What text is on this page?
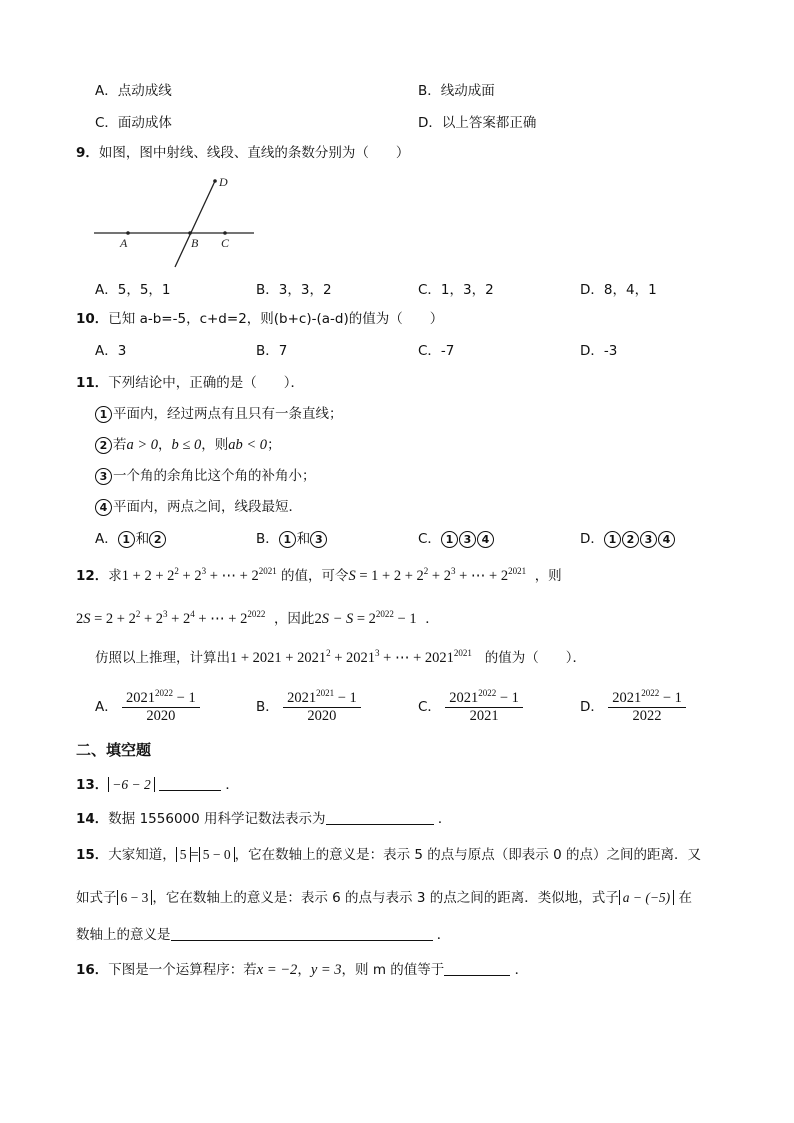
A．点动成线	B．线动成面
C．面动成体	D．以上答案都正确
9．如图，图中射线、线段、直线的条数分别为（　　）
A	B C
D
A．5，5，1	B．3，3，2	C．1，3，2	D．8，4，1
10．已知 a-b=-5，c+d=2，则(b+c)-(a-d)的值为（　　）
A．3	B．7	C．-7	D．-3
11．下列结论中，正确的是（　　）．
1 平面内，经过两点有且只有一条直线；
2 若a > 0，b ≤ 0，则ab < 0；
3 一个角的余角比这个角的补角小；
4 平面内，两点之间，线段最短．
A． 1 和 2	B． 1 和 3	C． 1 3 4	D． 1 2 3 4
12．求$1 + 2 + 2^2 + 2^3$ + ⋯ + $2^{2021}$ 的值，可令$S = 1 + 2 + 2^2 + 2^3$ + ⋯ + $2^{2021}$ ，则
$2S = 2 + 2^2 + 2^3 + 2^4$ + ⋯ + $2^{2022}$ ，因此$2S - S = 2^{2022} - 1$ ．
仿照以上推理，计算出$1 + 2021 + 2021^2 + 2021^3$ + ⋯ + $2021^{2021}$ 的值为（　　）．
A． $\frac{2021^{2022} - 1}{2020}$	B． $\frac{2021^{2021} - 1}{2020}$	C． $\frac{2021^{2022} - 1}{2021}$	D． $\frac{2021^{2022} - 1}{2022}$
二、填空题
13． −6 − 2	．
14．数据 1556000 用科学记数法表示为	．
15．大家知道， 5 = 5 − 0 ，它在数轴上的意义是：表示 5 的点与原点（即表示 0 的点）之间的距离．又
如式子 6 − 3 ，它在数轴上的意义是：表示 6 的点与表示 3 的点之间的距离．类似地，式子 a − (−5) 在
数轴上的意义是	．
16．下图是一个运算程序：若x = −2，y = 3，则 m 的值等于	．
